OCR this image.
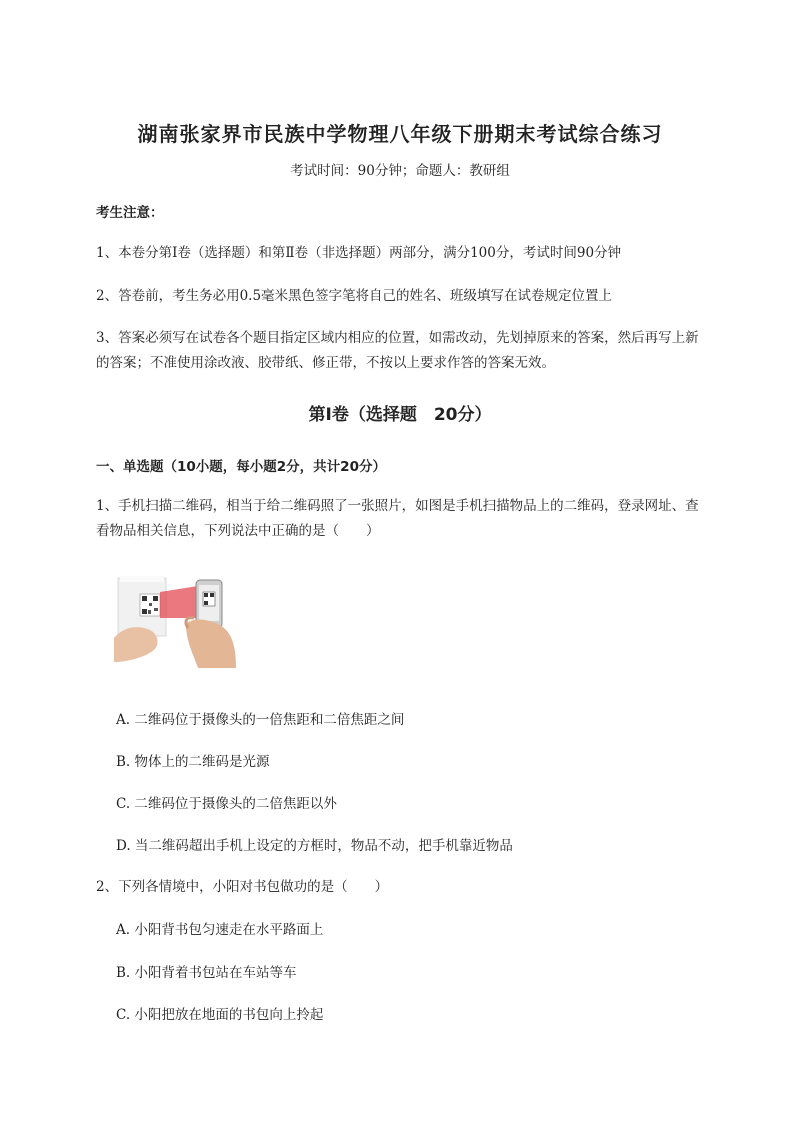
湖南张家界市民族中学物理八年级下册期末考试综合练习
考试时间：90分钟；命题人：教研组
考生注意：
1、本卷分第I卷（选择题）和第Ⅱ卷（非选择题）两部分，满分100分，考试时间90分钟
2、答卷前，考生务必用0.5毫米黑色签字笔将自己的姓名、班级填写在试卷规定位置上
3、答案必须写在试卷各个题目指定区域内相应的位置，如需改动，先划掉原来的答案，然后再写上新
的答案；不准使用涂改液、胶带纸、修正带，不按以上要求作答的答案无效。
第I卷（选择题　20分）
一、单选题（10小题，每小题2分，共计20分）
1、手机扫描二维码，相当于给二维码照了一张照片，如图是手机扫描物品上的二维码，登录网址、查
看物品相关信息，下列说法中正确的是（　　）
A. 二维码位于摄像头的一倍焦距和二倍焦距之间
B. 物体上的二维码是光源
C. 二维码位于摄像头的二倍焦距以外
D. 当二维码超出手机上设定的方框时，物品不动，把手机靠近物品
2、下列各情境中，小阳对书包做功的是（　　）
A. 小阳背书包匀速走在水平路面上
B. 小阳背着书包站在车站等车
C. 小阳把放在地面的书包向上拎起
